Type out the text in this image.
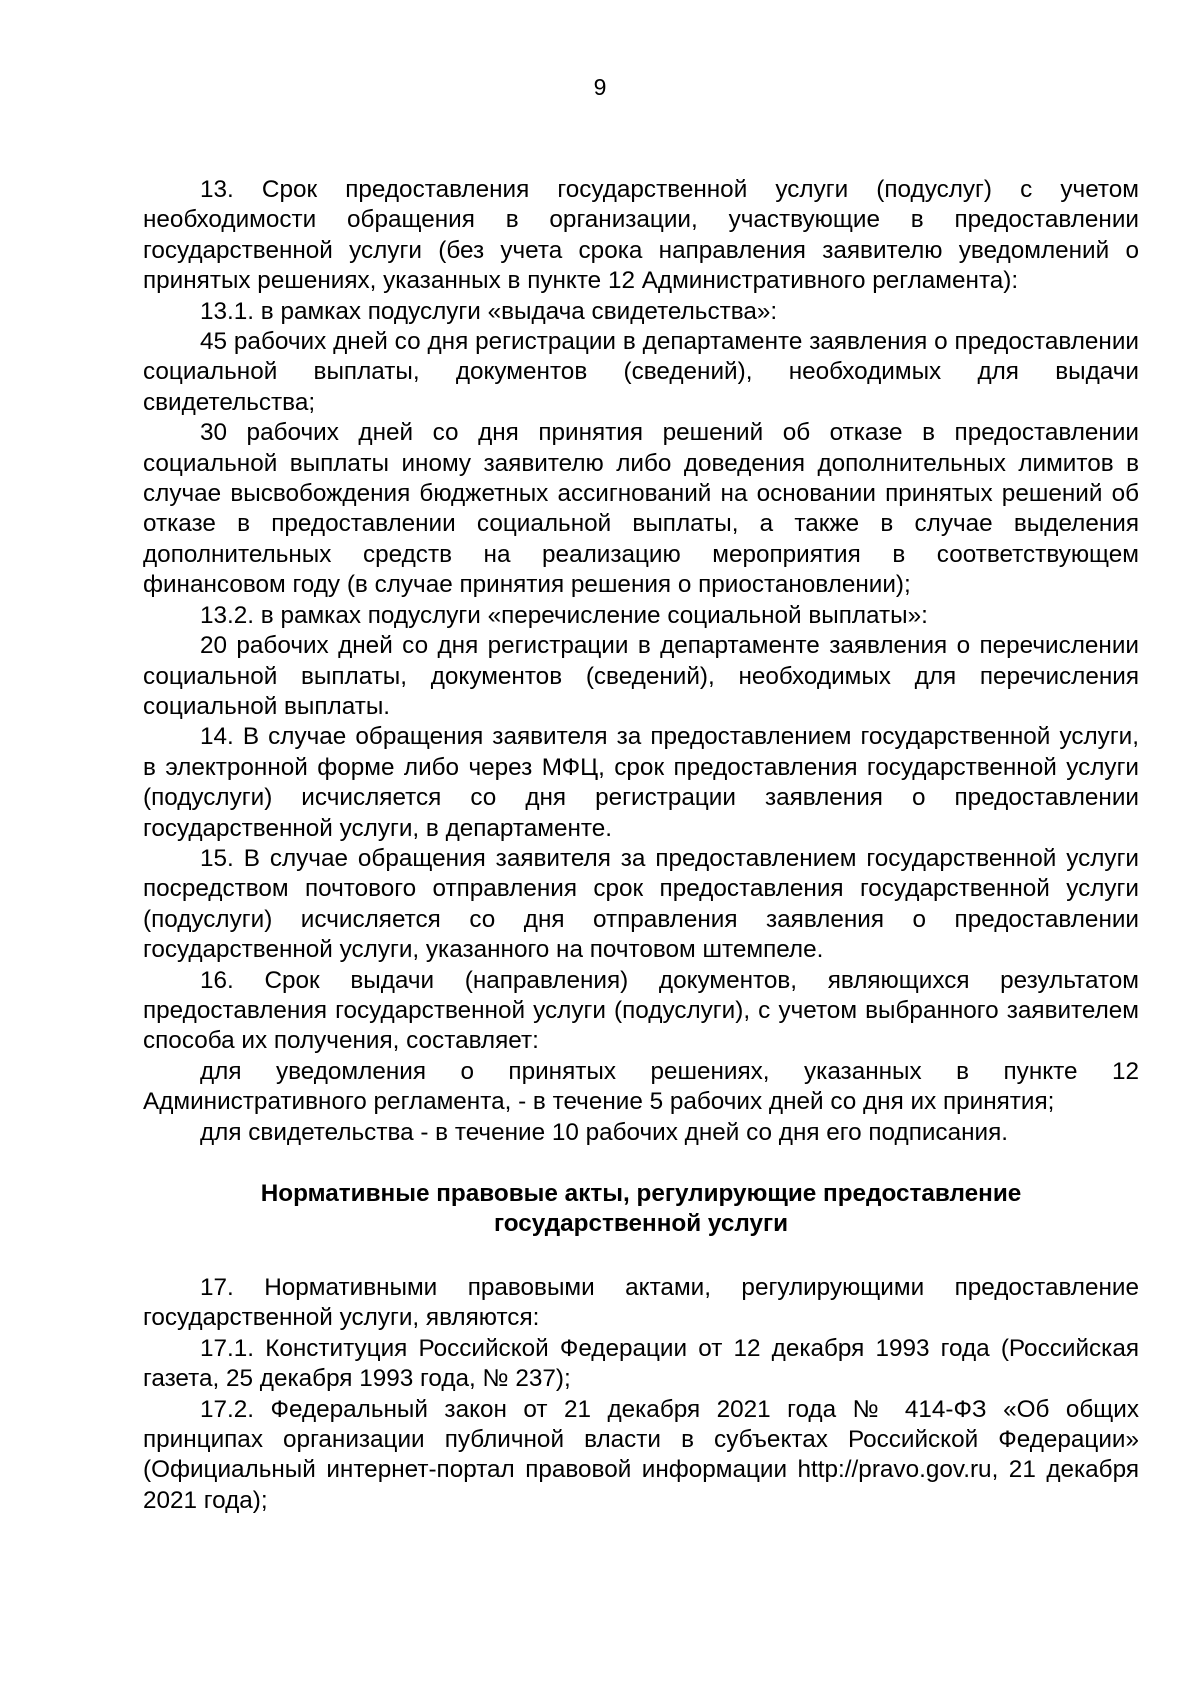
9

13. Срок предоставления государственной услуги (подуслуг) с учетом необходимости обращения в организации, участвующие в предоставлении государственной услуги (без учета срока направления заявителю уведомлений о принятых решениях, указанных в пункте 12 Административного регламента):

13.1. в рамках подуслуги «выдача свидетельства»:

45 рабочих дней со дня регистрации в департаменте заявления о предоставлении социальной выплаты, документов (сведений), необходимых для выдачи свидетельства;

30 рабочих дней со дня принятия решений об отказе в предоставлении социальной выплаты иному заявителю либо доведения дополнительных лимитов в случае высвобождения бюджетных ассигнований на основании принятых решений об отказе в предоставлении социальной выплаты, а также в случае выделения дополнительных средств на реализацию мероприятия в соответствующем финансовом году (в случае принятия решения о приостановлении);

13.2. в рамках подуслуги «перечисление социальной выплаты»:

20 рабочих дней со дня регистрации в департаменте заявления о перечислении социальной выплаты, документов (сведений), необходимых для перечисления социальной выплаты.

14. В случае обращения заявителя за предоставлением государственной услуги, в электронной форме либо через МФЦ, срок предоставления государственной услуги (подуслуги) исчисляется со дня регистрации заявления о предоставлении государственной услуги, в департаменте.

15. В случае обращения заявителя за предоставлением государственной услуги посредством почтового отправления срок предоставления государственной услуги (подуслуги) исчисляется со дня отправления заявления о предоставлении государственной услуги, указанного на почтовом штемпеле.

16. Срок выдачи (направления) документов, являющихся результатом предоставления государственной услуги (подуслуги), с учетом выбранного заявителем способа их получения, составляет:

для уведомления о принятых решениях, указанных в пункте 12 Административного регламента, - в течение 5 рабочих дней со дня их принятия;

для свидетельства - в течение 10 рабочих дней со дня его подписания.

Нормативные правовые акты, регулирующие предоставление
государственной услуги

17. Нормативными правовыми актами, регулирующими предоставление государственной услуги, являются:

17.1. Конституция Российской Федерации от 12 декабря 1993 года (Российская газета, 25 декабря 1993 года, № 237);

17.2. Федеральный закон от 21 декабря 2021 года № 414-ФЗ «Об общих принципах организации публичной власти в субъектах Российской Федерации» (Официальный интернет-портал правовой информации http://pravo.gov.ru, 21 декабря 2021 года);
